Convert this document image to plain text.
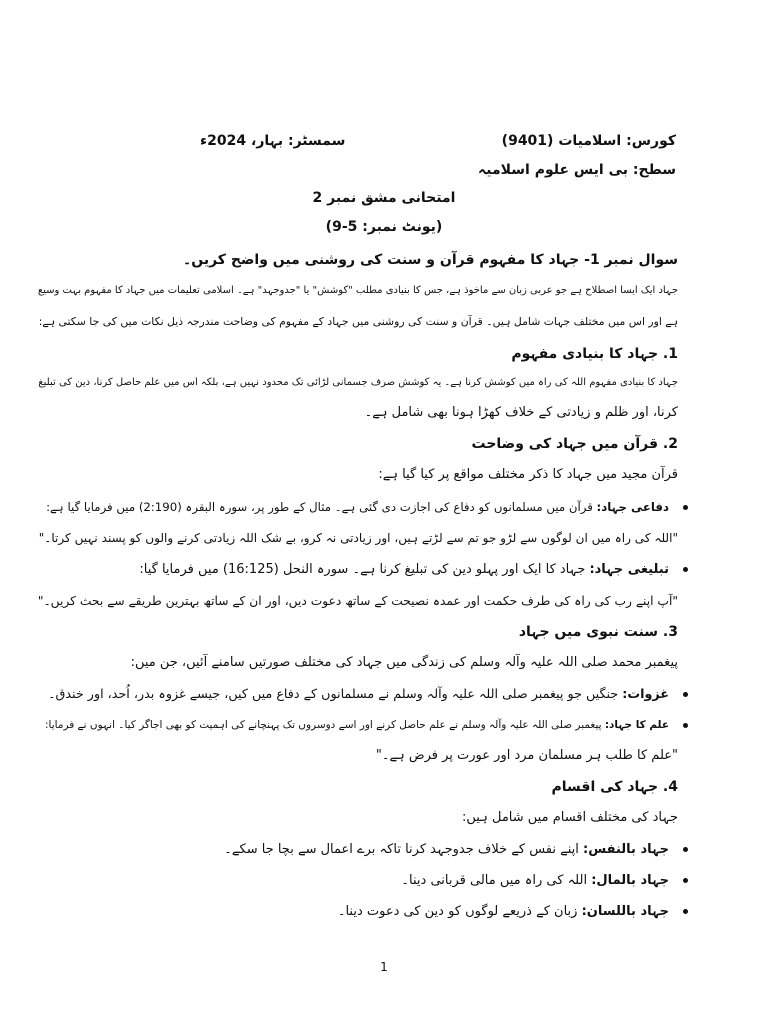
کورس: اسلامیات (9401)
سمسٹر: بہار، 2024ء
سطح: بی ایس علوم اسلامیہ
امتحانی مشق نمبر 2
(یونٹ نمبر: 5-9)
سوال نمبر 1- جہاد کا مفہوم قرآن و سنت کی روشنی میں واضح کریں۔
جہاد ایک ایسا اصطلاح ہے جو عربی زبان سے ماخوذ ہے، جس کا بنیادی مطلب "کوشش" یا "جدوجہد" ہے۔ اسلامی تعلیمات میں جہاد کا مفہوم بہت وسیع
ہے اور اس میں مختلف جہات شامل ہیں۔ قرآن و سنت کی روشنی میں جہاد کے مفہوم کی وضاحت مندرجہ ذیل نکات میں کی جا سکتی ہے:
1. جہاد کا بنیادی مفہوم
جہاد کا بنیادی مفہوم اللہ کی راہ میں کوشش کرنا ہے۔ یہ کوشش صرف جسمانی لڑائی تک محدود نہیں ہے، بلکہ اس میں علم حاصل کرنا، دین کی تبلیغ
کرنا، اور ظلم و زیادتی کے خلاف کھڑا ہونا بھی شامل ہے۔
2. قرآن میں جہاد کی وضاحت
قرآن مجید میں جہاد کا ذکر مختلف مواقع پر کیا گیا ہے:
دفاعی جہاد: قرآن میں مسلمانوں کو دفاع کی اجازت دی گئی ہے۔ مثال کے طور پر، سورہ البقرہ (2:190) میں فرمایا گیا ہے:
"اللہ کی راہ میں ان لوگوں سے لڑو جو تم سے لڑتے ہیں، اور زیادتی نہ کرو، بے شک اللہ زیادتی کرنے والوں کو پسند نہیں کرتا۔"
تبلیغی جہاد: جہاد کا ایک اور پہلو دین کی تبلیغ کرنا ہے۔ سورہ النحل (16:125) میں فرمایا گیا:
"آپ اپنے رب کی راہ کی طرف حکمت اور عمدہ نصیحت کے ساتھ دعوت دیں، اور ان کے ساتھ بہترین طریقے سے بحث کریں۔"
3. سنت نبوی میں جہاد
پیغمبر محمد صلی اللہ علیہ وآلہ وسلم کی زندگی میں جہاد کی مختلف صورتیں سامنے آئیں، جن میں:
غزوات: جنگیں جو پیغمبر صلی اللہ علیہ وآلہ وسلم نے مسلمانوں کے دفاع میں کیں، جیسے غزوہ بدر، اُحد، اور خندق۔
علم کا جہاد: پیغمبر صلی اللہ علیہ وآلہ وسلم نے علم حاصل کرنے اور اسے دوسروں تک پہنچانے کی اہمیت کو بھی اجاگر کیا۔ انہوں نے فرمایا:
"علم کا طلب ہر مسلمان مرد اور عورت پر فرض ہے۔"
4. جہاد کی اقسام
جہاد کی مختلف اقسام میں شامل ہیں:
جہاد بالنفس: اپنے نفس کے خلاف جدوجہد کرنا تاکہ برے اعمال سے بچا جا سکے۔
جہاد بالمال: اللہ کی راہ میں مالی قربانی دینا۔
جہاد باللسان: زبان کے ذریعے لوگوں کو دین کی دعوت دینا۔
1
